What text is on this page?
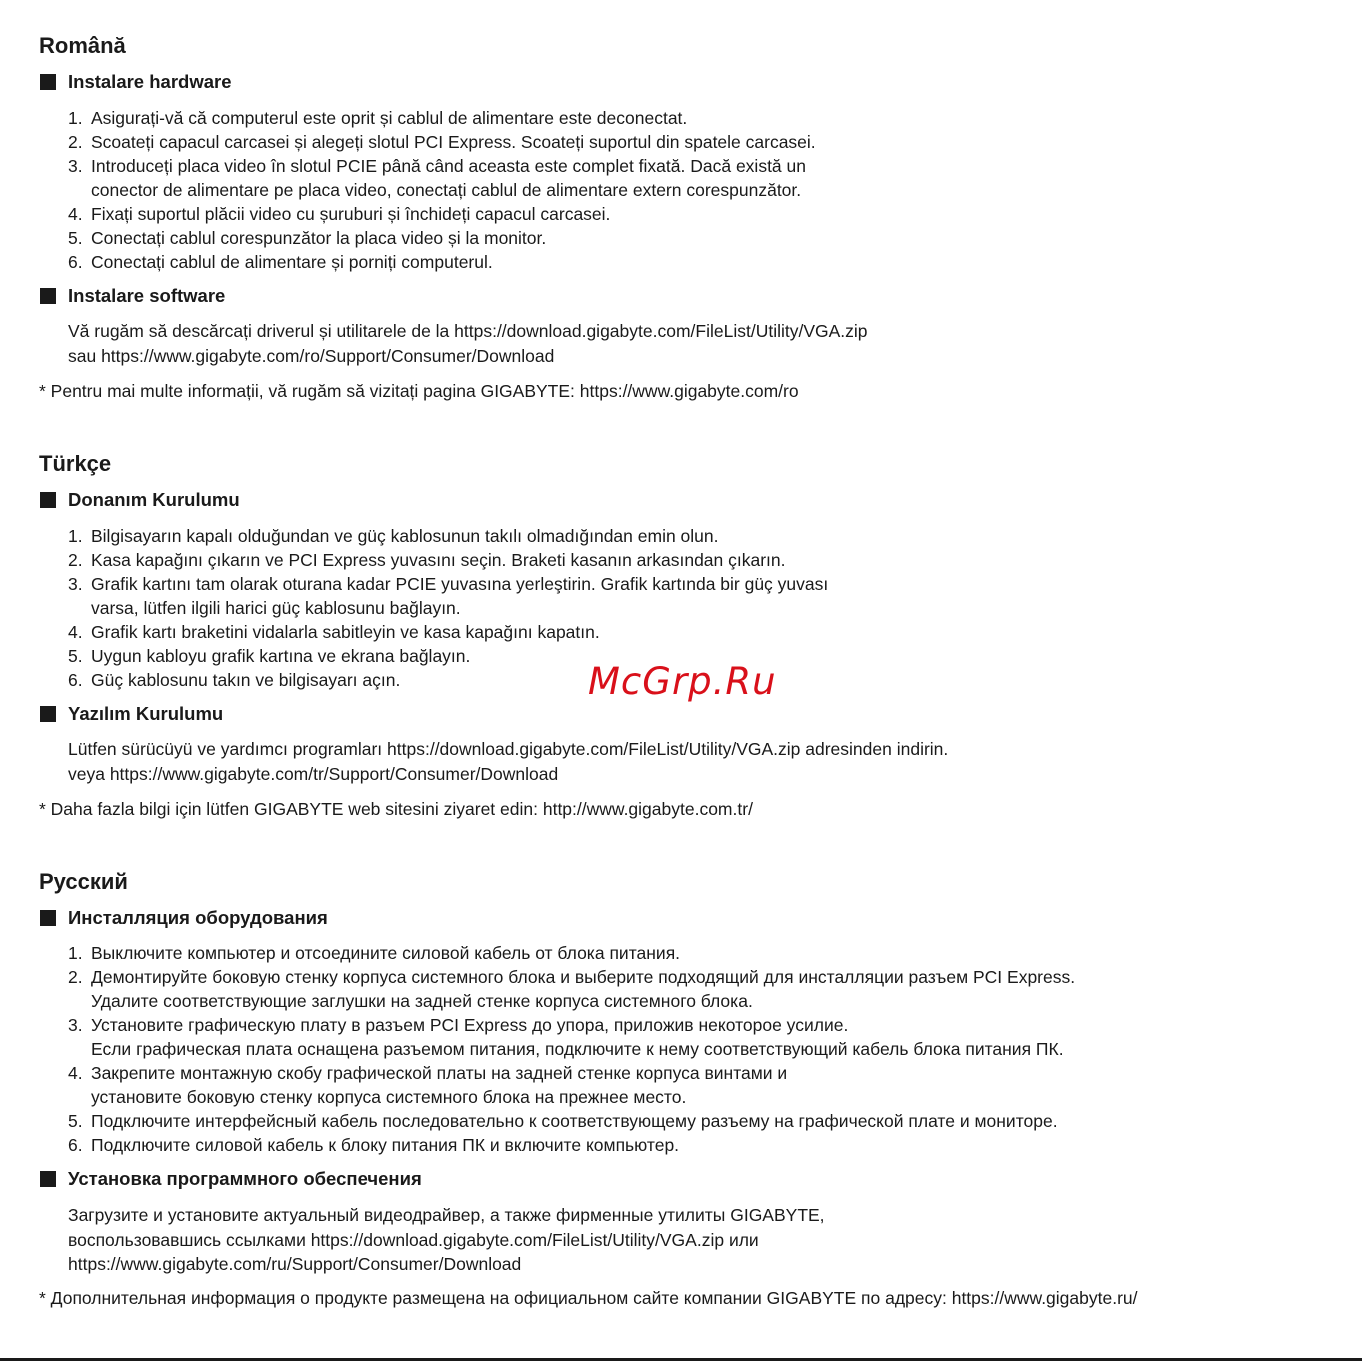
Română
Instalare hardware
1. Asigurați-vă că computerul este oprit și cablul de alimentare este deconectat.
2. Scoateți capacul carcasei și alegeți slotul PCI Express. Scoateți suportul din spatele carcasei.
3. Introduceți placa video în slotul PCIE până când aceasta este complet fixată. Dacă există un
conector de alimentare pe placa video, conectați cablul de alimentare extern corespunzător.
4. Fixați suportul plăcii video cu șuruburi și închideți capacul carcasei.
5. Conectați cablul corespunzător la placa video și la monitor.
6. Conectați cablul de alimentare și porniți computerul.
Instalare software
Vă rugăm să descărcați driverul și utilitarele de la https://download.gigabyte.com/FileList/Utility/VGA.zip
sau https://www.gigabyte.com/ro/Support/Consumer/Download

* Pentru mai multe informații, vă rugăm să vizitați pagina GIGABYTE: https://www.gigabyte.com/ro

Türkçe
Donanım Kurulumu
1. Bilgisayarın kapalı olduğundan ve güç kablosunun takılı olmadığından emin olun.
2. Kasa kapağını çıkarın ve PCI Express yuvasını seçin. Braketi kasanın arkasından çıkarın.
3. Grafik kartını tam olarak oturana kadar PCIE yuvasına yerleştirin. Grafik kartında bir güç yuvası
varsa, lütfen ilgili harici güç kablosunu bağlayın.
4. Grafik kartı braketini vidalarla sabitleyin ve kasa kapağını kapatın.
5. Uygun kabloyu grafik kartına ve ekrana bağlayın.
6. Güç kablosunu takın ve bilgisayarı açın.
Yazılım Kurulumu
Lütfen sürücüyü ve yardımcı programları https://download.gigabyte.com/FileList/Utility/VGA.zip adresinden indirin.
veya https://www.gigabyte.com/tr/Support/Consumer/Download

* Daha fazla bilgi için lütfen GIGABYTE web sitesini ziyaret edin: http://www.gigabyte.com.tr/

Русский
Инсталляция оборудования
1. Выключите компьютер и отсоедините силовой кабель от блока питания.
2. Демонтируйте боковую стенку корпуса системного блока и выберите подходящий для инсталляции разъем PCI Express.
Удалите соответствующие заглушки на задней стенке корпуса системного блока.
3. Установите графическую плату в разъем PCI Express до упора, приложив некоторое усилие.
Если графическая плата оснащена разъемом питания, подключите к нему соответствующий кабель блока питания ПК.
4. Закрепите монтажную скобу графической платы на задней стенке корпуса винтами и
установите боковую стенку корпуса системного блока на прежнее место.
5. Подключите интерфейсный кабель последовательно к соответствующему разъему на графической плате и мониторе.
6. Подключите силовой кабель к блоку питания ПК и включите компьютер.
Установка программного обеспечения
Загрузите и установите актуальный видеодрайвер, а также фирменные утилиты GIGABYTE,
воспользовавшись ссылками https://download.gigabyte.com/FileList/Utility/VGA.zip или
https://www.gigabyte.com/ru/Support/Consumer/Download

* Дополнительная информация о продукте размещена на официальном сайте компании GIGABYTE по адресу: https://www.gigabyte.ru/

McGrp.Ru
